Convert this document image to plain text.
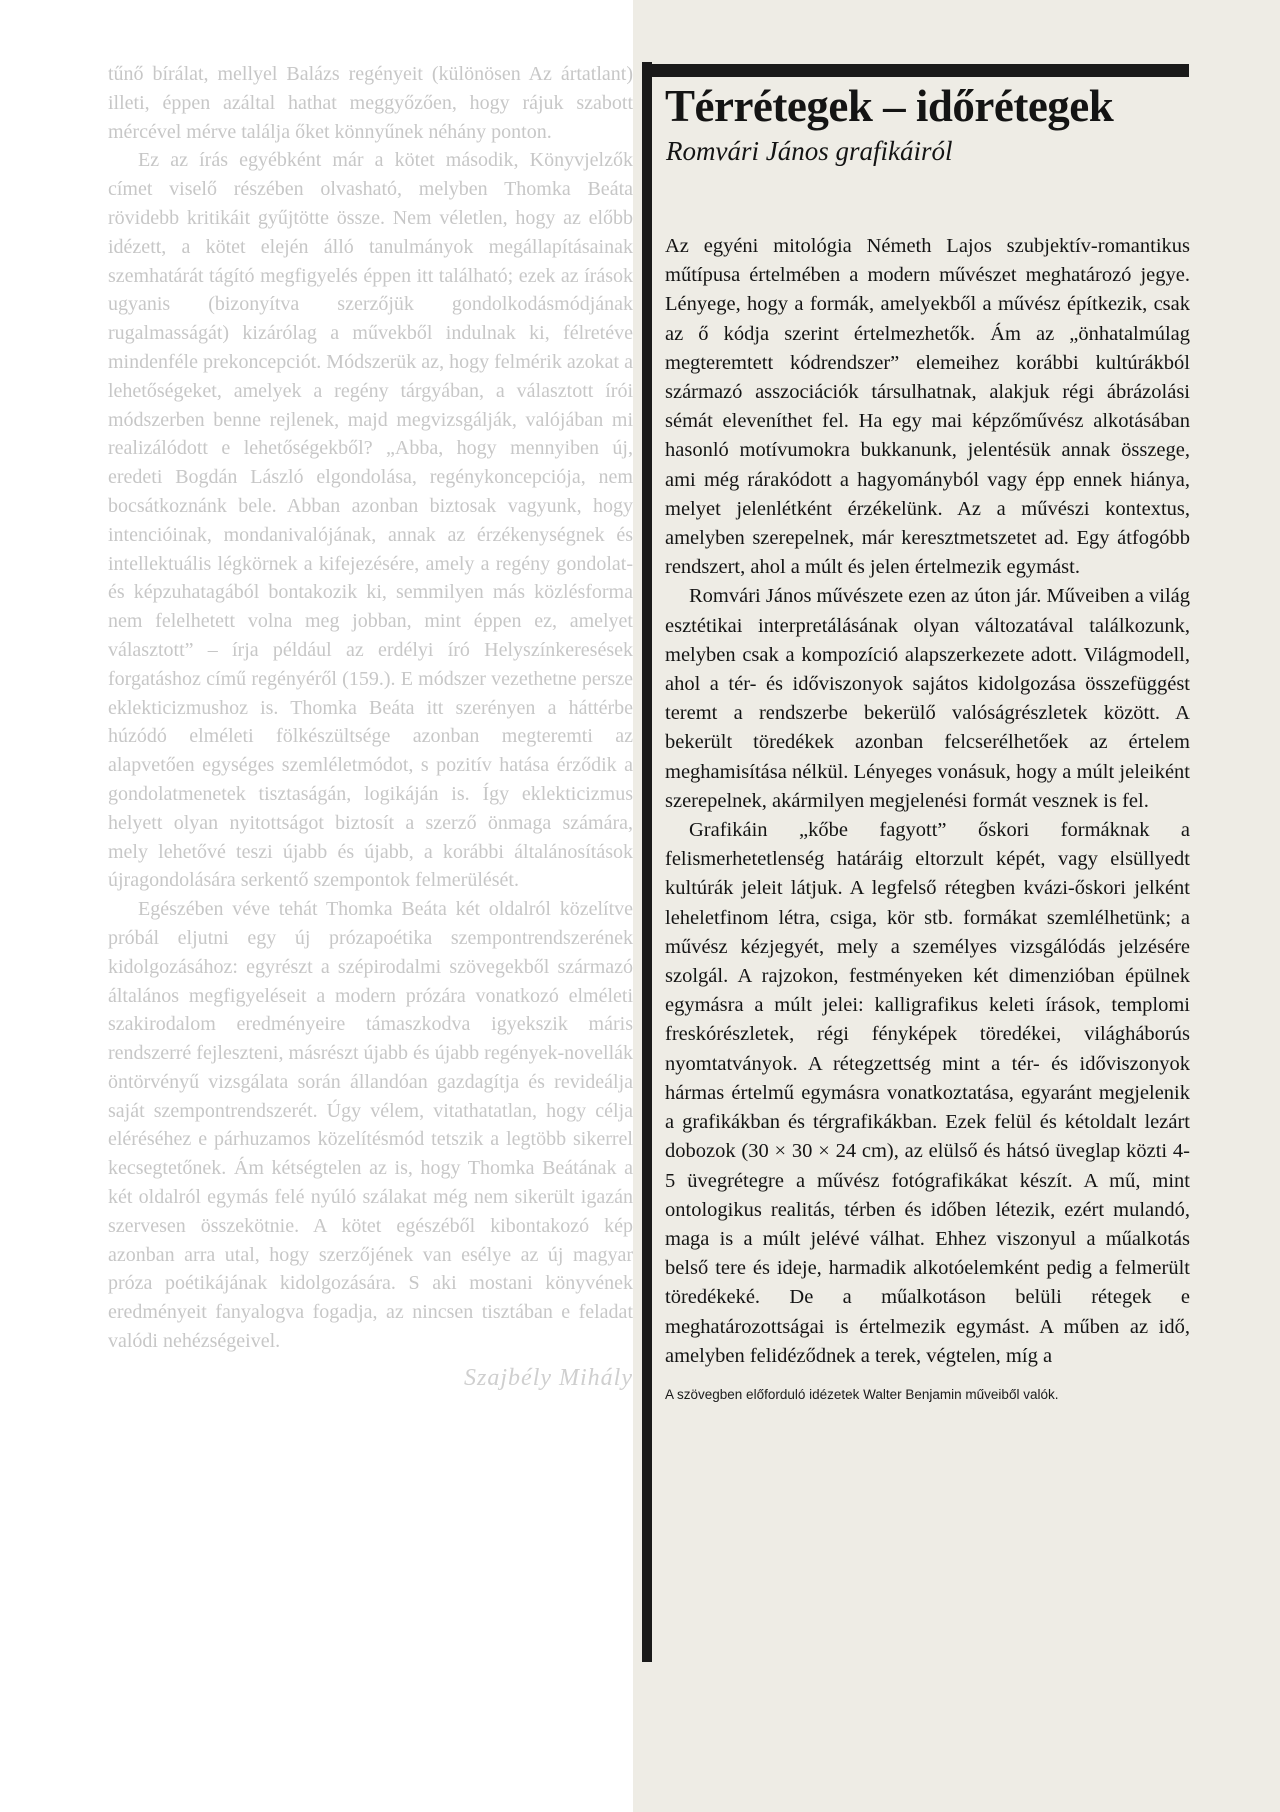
tűnő bírálat, mellyel Balázs regényeit (különösen Az ártatlant) illeti, éppen azáltal hathat meggyőzően, hogy rájuk szabott mércével mérve találja őket könnyűnek néhány ponton.

Ez az írás egyébként már a kötet második, Könyvjelzők címet viselő részében olvasható, melyben Thomka Beáta rövidebb kritikáit gyűjtötte össze. Nem véletlen, hogy az előbb idézett, a kötet elején álló tanulmányok megállapításainak szemhatárát tágító megfigyelés éppen itt található; ezek az írások ugyanis (bizonyítva szerzőjük gondolkodásmódjának rugalmasságát) kizárólag a művekből indulnak ki, félretéve mindenféle prekoncepciót. Módszerük az, hogy felmérik azokat a lehetőségeket, amelyek a regény tárgyában, a választott írói módszerben benne rejlenek, majd megvizsgálják, valójában mi realizálódott e lehetőségekből? „Abba, hogy mennyiben új, eredeti Bogdán László elgondolása, regénykoncepciója, nem bocsátkoznánk bele. Abban azonban biztosak vagyunk, hogy intencióinak, mondanivalójának, annak az érzékenységnek és intellektuális légkörnek a kifejezésére, amely a regény gondolat- és képzuhatagából bontakozik ki, semmilyen más közlésforma nem felelhetett volna meg jobban, mint éppen ez, amelyet választott” – írja például az erdélyi író Helyszínkeresések forgatáshoz című regényéről (159.). E módszer vezethetne persze eklekticizmushoz is. Thomka Beáta itt szerényen a háttérbe húzódó elméleti fölkészültsége azonban megteremti az alapvetően egységes szemléletmódot, s pozitív hatása érződik a gondolatmenetek tisztaságán, logikáján is. Így eklekticizmus helyett olyan nyitottságot biztosít a szerző önmaga számára, mely lehetővé teszi újabb és újabb, a korábbi általánosítások újragondolására serkentő szempontok felmerülését.

Egészében véve tehát Thomka Beáta két oldalról közelítve próbál eljutni egy új prózapoétika szempontrendszerének kidolgozásához: egyrészt a szépirodalmi szövegekből származó általános megfigyeléseit a modern prózára vonatkozó elméleti szakirodalom eredményeire támaszkodva igyekszik máris rendszerré fejleszteni, másrészt újabb és újabb regények-novellák öntörvényű vizsgálata során állandóan gazdagítja és revideálja saját szempontrendszerét. Úgy vélem, vitathatatlan, hogy célja eléréséhez e párhuzamos közelítésmód tetszik a legtöbb sikerrel kecsegtetőnek. Ám kétségtelen az is, hogy Thomka Beátának a két oldalról egymás felé nyúló szálakat még nem sikerült igazán szervesen összekötnie. A kötet egészéből kibontakozó kép azonban arra utal, hogy szerzőjének van esélye az új magyar próza poétikájának kidolgozására. S aki mostani könyvének eredményeit fanyalogva fogadja, az nincsen tisztában e feladat valódi nehézségeivel.

Szajbély Mihály
Térrétegek – időrétegek
Romvári János grafikáiról

Az egyéni mitológia Németh Lajos szubjektív-romantikus műtípusa értelmében a modern művészet meghatározó jegye. Lényege, hogy a formák, amelyekből a művész építkezik, csak az ő kódja szerint értelmezhetők. Ám az „önhatalmúlag megteremtett kódrendszer” elemeihez korábbi kultúrákból származó asszociációk társulhatnak, alakjuk régi ábrázolási sémát eleveníthet fel. Ha egy mai képzőművész alkotásában hasonló motívumokra bukkanunk, jelentésük annak összege, ami még rárakódott a hagyományból vagy épp ennek hiánya, melyet jelenlétként érzékelünk. Az a művészi kontextus, amelyben szerepelnek, már keresztmetszetet ad. Egy átfogóbb rendszert, ahol a múlt és jelen értelmezik egymást.

Romvári János művészete ezen az úton jár. Műveiben a világ esztétikai interpretálásának olyan változatával találkozunk, melyben csak a kompozíció alapszerkezete adott. Világmodell, ahol a tér- és időviszonyok sajátos kidolgozása összefüggést teremt a rendszerbe bekerülő valóságrészletek között. A bekerült töredékek azonban felcserélhetőek az értelem meghamisítása nélkül. Lényeges vonásuk, hogy a múlt jeleiként szerepelnek, akármilyen megjelenési formát vesznek is fel.

Grafikáin „kőbe fagyott” őskori formáknak a felismerhetetlenség határáig eltorzult képét, vagy elsüllyedt kultúrák jeleit látjuk. A legfelső rétegben kvázi-őskori jelként leheletfinom létra, csiga, kör stb. formákat szemlélhetünk; a művész kézjegyét, mely a személyes vizsgálódás jelzésére szolgál. A rajzokon, festményeken két dimenzióban épülnek egymásra a múlt jelei: kalligrafikus keleti írások, templomi freskórészletek, régi fényképek töredékei, világháborús nyomtatványok. A rétegzettség mint a tér- és időviszonyok hármas értelmű egymásra vonatkoztatása, egyaránt megjelenik a grafikákban és térgrafikákban. Ezek felül és kétoldalt lezárt dobozok (30 × 30 × 24 cm), az elülső és hátsó üveglap közti 4-5 üvegrétegre a művész fotógrafikákat készít. A mű, mint ontologikus realitás, térben és időben létezik, ezért mulandó, maga is a múlt jelévé válhat. Ehhez viszonyul a műalkotás belső tere és ideje, harmadik alkotóelemként pedig a felmerült töredékeké. De a műalkotáson belüli rétegek e meghatározottságai is értelmezik egymást. A műben az idő, amelyben felidéződnek a terek, végtelen, míg a

A szövegben előforduló idézetek Walter Benjamin műveiből valók.
